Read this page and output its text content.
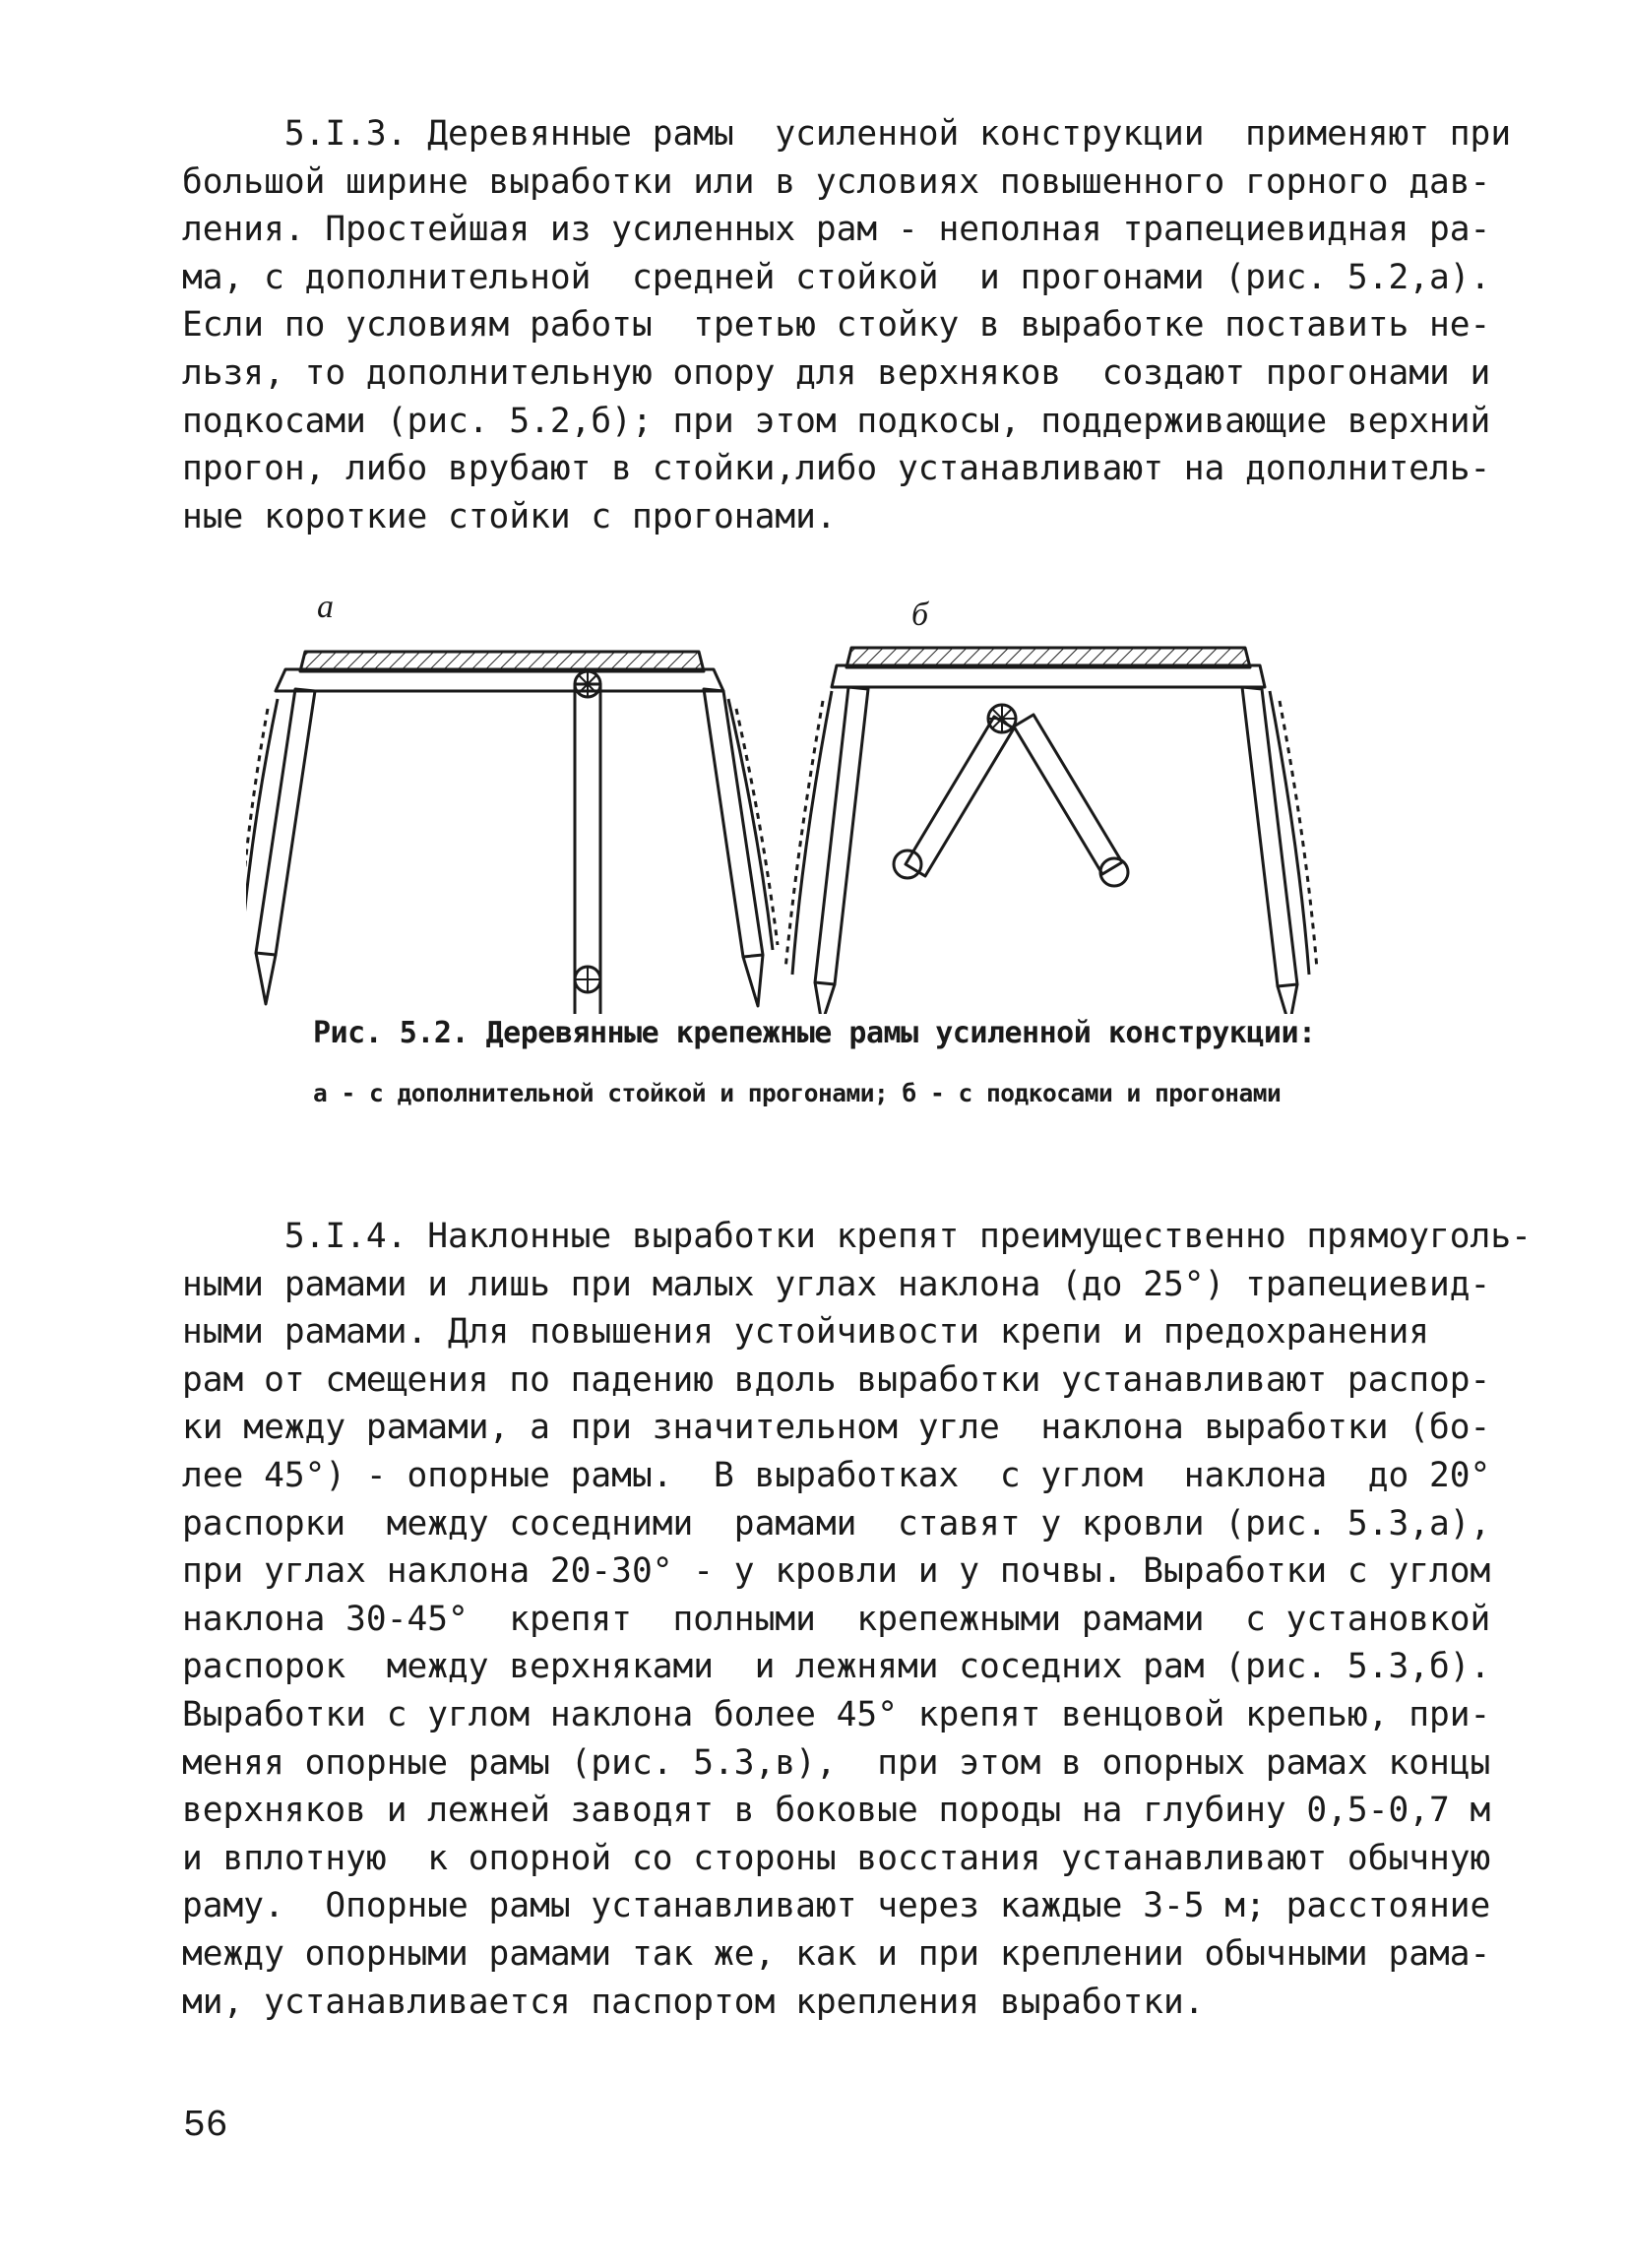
5.I.3. Деревянные рамы  усиленной конструкции  применяют при
большой ширине выработки или в условиях повышенного горного дав-
ления. Простейшая из усиленных рам - неполная трапециевидная ра-
ма, с дополнительной  средней стойкой  и прогонами (рис. 5.2,а).
Если по условиям работы  третью стойку в выработке поставить не-
льзя, то дополнительную опору для верхняков  создают прогонами и
подкосами (рис. 5.2,б); при этом подкосы, поддерживающие верхний
прогон, либо врубают в стойки,либо устанавливают на дополнитель-
ные короткие стойки с прогонами.
а	б
Рис. 5.2. Деревянные крепежные рамы усиленной конструкции:
а - с дополнительной стойкой и прогонами; б - с подкосами и прогонами
5.I.4. Наклонные выработки крепят преимущественно прямоуголь-
ными рамами и лишь при малых углах наклона (до 25°) трапециевид-
ными рамами. Для повышения устойчивости крепи и предохранения
рам от смещения по падению вдоль выработки устанавливают распор-
ки между рамами, а при значительном угле  наклона выработки (бо-
лее 45°) - опорные рамы.  В выработках  с углом  наклона  до 20°
распорки  между соседними  рамами  ставят у кровли (рис. 5.3,а),
при углах наклона 20-30° - у кровли и у почвы. Выработки с углом
наклона 30-45°  крепят  полными  крепежными рамами  с установкой
распорок  между верхняками  и лежнями соседних рам (рис. 5.3,б).
Выработки с углом наклона более 45° крепят венцовой крепью, при-
меняя опорные рамы (рис. 5.3,в),  при этом в опорных рамах концы
верхняков и лежней заводят в боковые породы на глубину 0,5-0,7 м
и вплотную  к опорной со стороны восстания устанавливают обычную
раму.  Опорные рамы устанавливают через каждые 3-5 м; расстояние
между опорными рамами так же, как и при креплении обычными рама-
ми, устанавливается паспортом крепления выработки.
56
